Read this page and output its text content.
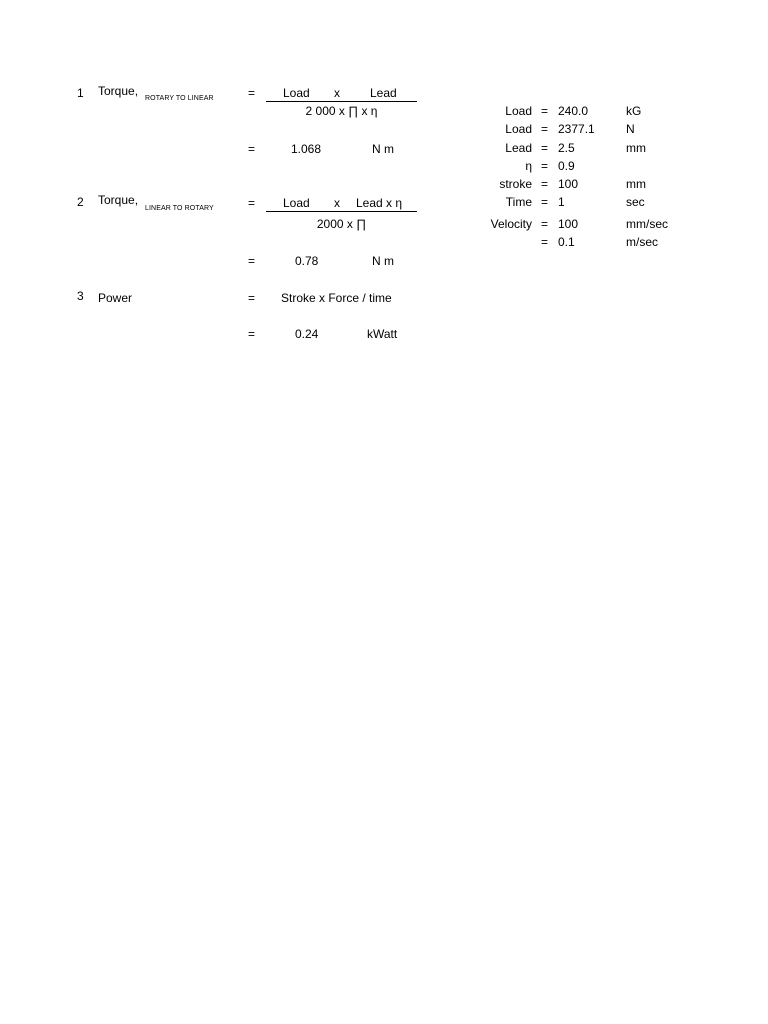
1 Torque,
ROTARY TO LINEAR	= Load x	Lead
2 000 x ∏ x η
=	1.068	N m
2 Torque,
LINEAR TO ROTARY	= Load x Lead x η
2000 x ∏
=	0.78	N m
3 Power	= Stroke x Force / time
=	0.24	kWatt
Load = 240.0	kG
Load = 2377.1	N
Lead = 2.5	mm
η = 0.9
stroke = 100	mm
Time = 1	sec
Velocity = 100	mm/sec
= 0.1	m/sec
